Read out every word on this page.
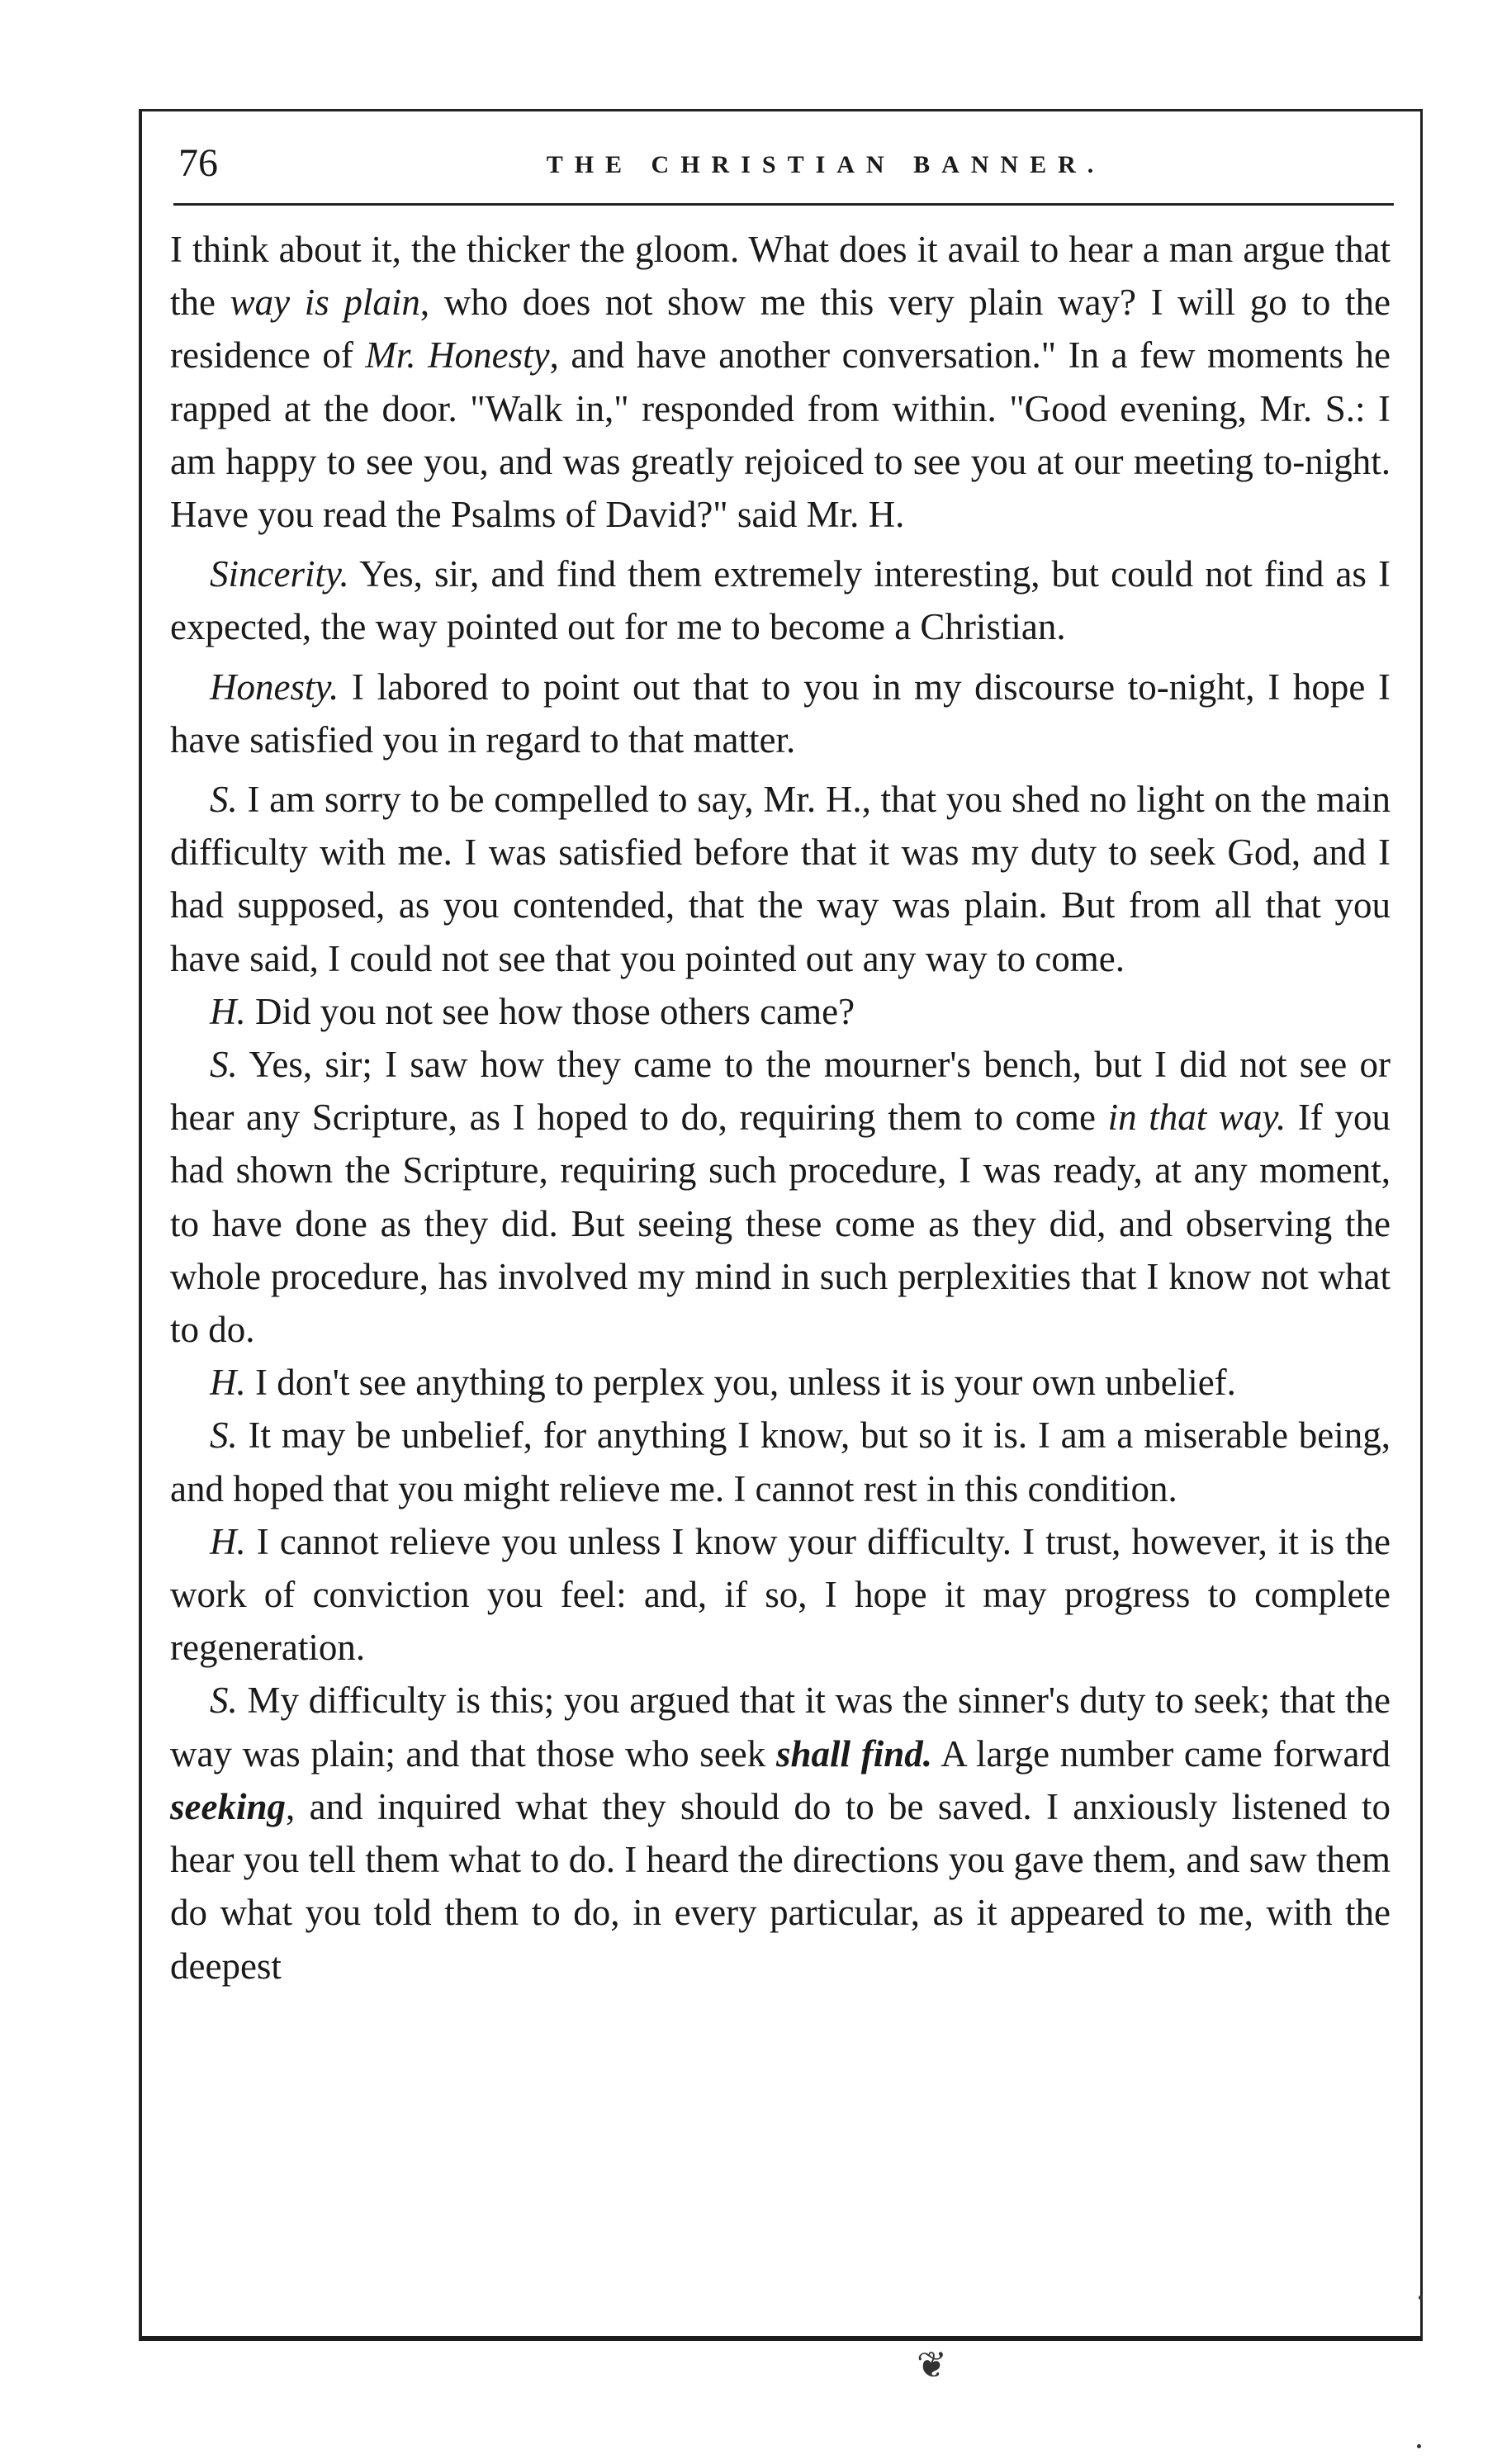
76	THE CHRISTIAN BANNER.

I think about it, the thicker the gloom. What does it avail to hear a man argue that the way is plain, who does not show me this very plain way? I will go to the residence of Mr. Honesty, and have another conversation." In a few moments he rapped at the door. "Walk in," responded from within. "Good evening, Mr. S.: I am happy to see you, and was greatly rejoiced to see you at our meeting to-night. Have you read the Psalms of David?" said Mr. H.

Sincerity. Yes, sir, and find them extremely interesting, but could not find as I expected, the way pointed out for me to become a Christian.

Honesty. I labored to point out that to you in my discourse to-night, I hope I have satisfied you in regard to that matter.

S. I am sorry to be compelled to say, Mr. H., that you shed no light on the main difficulty with me. I was satisfied before that it was my duty to seek God, and I had supposed, as you contended, that the way was plain. But from all that you have said, I could not see that you pointed out any way to come.

H. Did you not see how those others came?

S. Yes, sir; I saw how they came to the mourner's bench, but I did not see or hear any Scripture, as I hoped to do, requiring them to come in that way. If you had shown the Scripture, requiring such procedure, I was ready, at any moment, to have done as they did. But seeing these come as they did, and observing the whole procedure, has involved my mind in such perplexities that I know not what to do.

H. I don't see anything to perplex you, unless it is your own unbelief.

S. It may be unbelief, for anything I know, but so it is. I am a miserable being, and hoped that you might relieve me. I cannot rest in this condition.

H. I cannot relieve you unless I know your difficulty. I trust, however, it is the work of conviction you feel: and, if so, I hope it may progress to complete regeneration.

S. My difficulty is this; you argued that it was the sinner's duty to seek; that the way was plain; and that those who seek shall find. A large number came forward seeking, and inquired what they should do to be saved. I anxiously listened to hear you tell them what to do. I heard the directions you gave them, and saw them do what you told them to do, in every particular, as it appeared to me, with the deepest

❦
